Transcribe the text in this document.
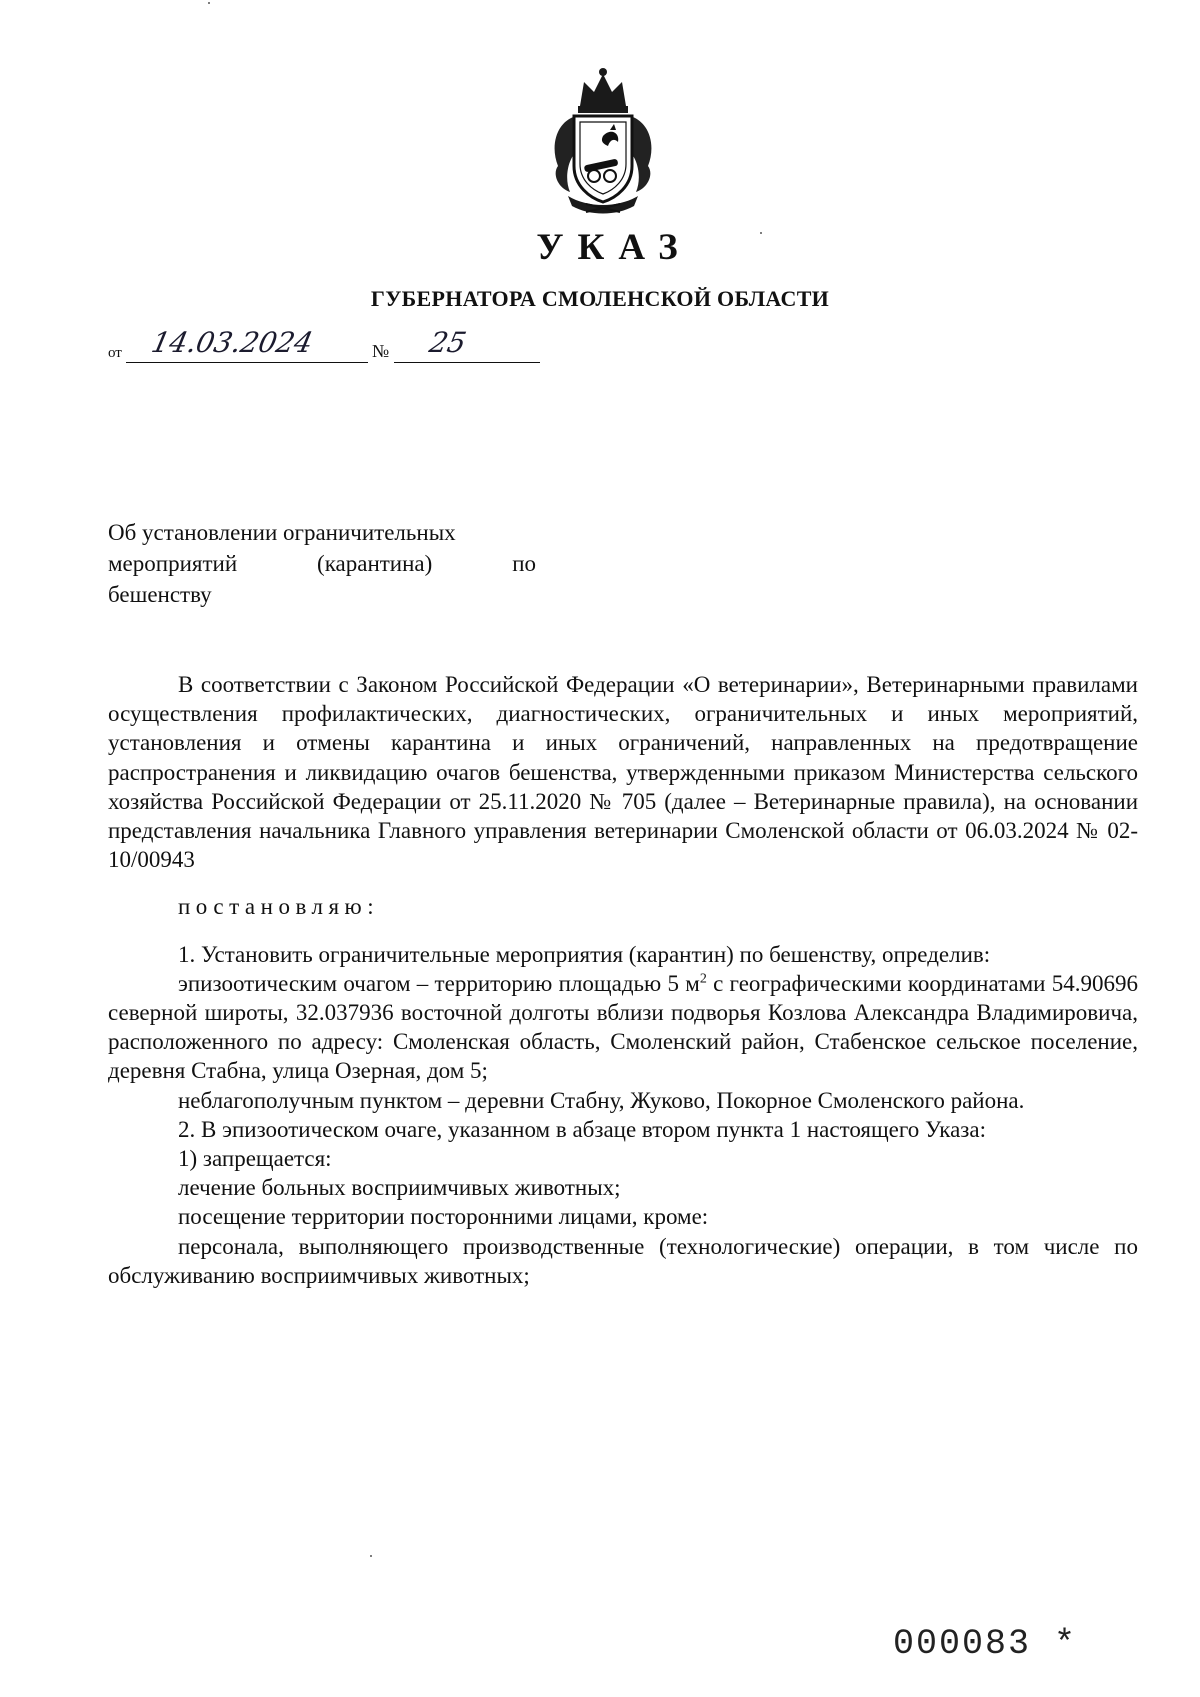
УКАЗ
ГУБЕРНАТОРА СМОЛЕНСКОЙ ОБЛАСТИ
от 14.03.2024	№ 25
Об установлении ограничительных
мероприятий	(карантина)	по
бешенству

В соответствии с Законом Российской Федерации «О ветеринарии», Ветеринарными правилами осуществления профилактических, диагностических, ограничительных и иных мероприятий, установления и отмены карантина и иных ограничений, направленных на предотвращение распространения и ликвидацию очагов бешенства, утвержденными приказом Министерства сельского хозяйства Российской Федерации от 25.11.2020 № 705 (далее – Ветеринарные правила), на основании представления начальника Главного управления ветеринарии Смоленской области от 06.03.2024 № 02-10/00943

постановляю:

1. Установить ограничительные мероприятия (карантин) по бешенству, определив:

эпизоотическим очагом – территорию площадью 5 $м^2$ с географическими координатами 54.90696 северной широты, 32.037936 восточной долготы вблизи подворья Козлова Александра Владимировича, расположенного по адресу: Смоленская область, Смоленский район, Стабенское сельское поселение, деревня Стабна, улица Озерная, дом 5;

неблагополучным пунктом – деревни Стабну, Жуково, Покорное Смоленского района.

2. В эпизоотическом очаге, указанном в абзаце втором пункта 1 настоящего Указа:

1) запрещается:

лечение больных восприимчивых животных;

посещение территории посторонними лицами, кроме:

персонала, выполняющего производственные (технологические) операции, в том числе по обслуживанию восприимчивых животных;

000083 *
